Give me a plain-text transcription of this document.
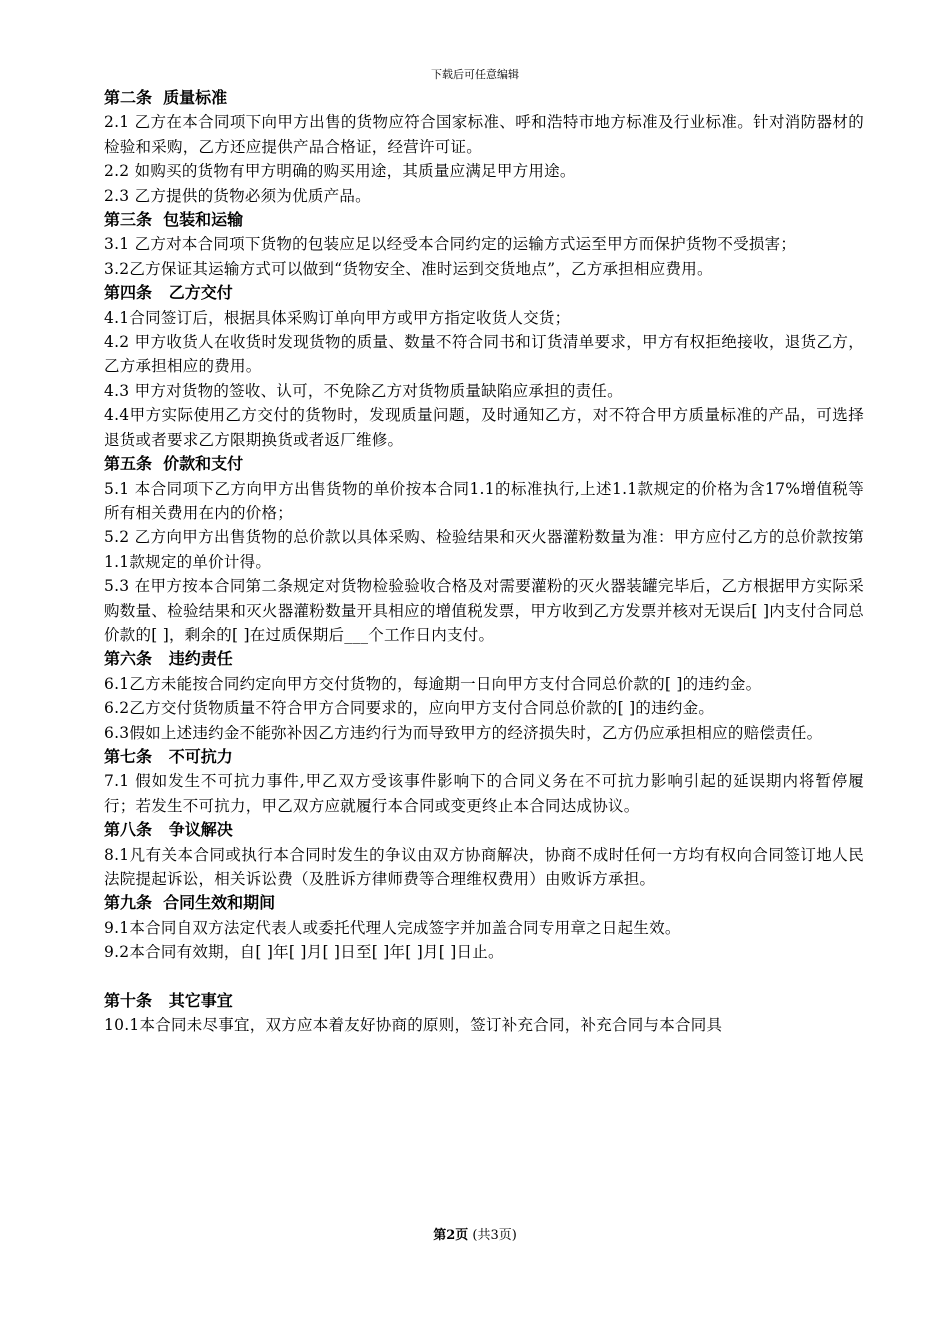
下载后可任意编辑
第二条  质量标准
2.1 乙方在本合同项下向甲方出售的货物应符合国家标准、呼和浩特市地方标准及行业标准。针对消防器材的检验和采购，乙方还应提供产品合格证，经营许可证。
2.2 如购买的货物有甲方明确的购买用途，其质量应满足甲方用途。
2.3 乙方提供的货物必须为优质产品。
第三条  包装和运输
3.1 乙方对本合同项下货物的包装应足以经受本合同约定的运输方式运至甲方而保护货物不受损害；
3.2乙方保证其运输方式可以做到“货物安全、准时运到交货地点”，乙方承担相应费用。
第四条   乙方交付
4.1合同签订后，根据具体采购订单向甲方或甲方指定收货人交货；
4.2 甲方收货人在收货时发现货物的质量、数量不符合同书和订货清单要求，甲方有权拒绝接收，退货乙方，乙方承担相应的费用。
4.3 甲方对货物的签收、认可，不免除乙方对货物质量缺陷应承担的责任。
4.4甲方实际使用乙方交付的货物时，发现质量问题，及时通知乙方，对不符合甲方质量标准的产品，可选择退货或者要求乙方限期换货或者返厂维修。
第五条  价款和支付
5.1 本合同项下乙方向甲方出售货物的单价按本合同1.1的标准执行,上述1.1款规定的价格为含17%增值税等所有相关费用在内的价格；
5.2 乙方向甲方出售货物的总价款以具体采购、检验结果和灭火器灌粉数量为准：甲方应付乙方的总价款按第1.1款规定的单价计得。
5.3 在甲方按本合同第二条规定对货物检验验收合格及对需要灌粉的灭火器装罐完毕后，乙方根据甲方实际采购数量、检验结果和灭火器灌粉数量开具相应的增值税发票，甲方收到乙方发票并核对无误后[ ]内支付合同总价款的[ ]，剩余的[ ]在过质保期后___个工作日内支付。
第六条   违约责任
6.1乙方未能按合同约定向甲方交付货物的，每逾期一日向甲方支付合同总价款的[ ]的违约金。
6.2乙方交付货物质量不符合甲方合同要求的，应向甲方支付合同总价款的[ ]的违约金。
6.3假如上述违约金不能弥补因乙方违约行为而导致甲方的经济损失时，乙方仍应承担相应的赔偿责任。
第七条   不可抗力
7.1 假如发生不可抗力事件,甲乙双方受该事件影响下的合同义务在不可抗力影响引起的延误期内将暂停履行；若发生不可抗力，甲乙双方应就履行本合同或变更终止本合同达成协议。
第八条   争议解决
8.1凡有关本合同或执行本合同时发生的争议由双方协商解决，协商不成时任何一方均有权向合同签订地人民法院提起诉讼，相关诉讼费（及胜诉方律师费等合理维权费用）由败诉方承担。
第九条  合同生效和期间
9.1本合同自双方法定代表人或委托代理人完成签字并加盖合同专用章之日起生效。
9.2本合同有效期，自[ ]年[ ]月[ ]日至[ ]年[ ]月[ ]日止。
第十条   其它事宜
10.1本合同未尽事宜，双方应本着友好协商的原则，签订补充合同，补充合同与本合同具
第2页 (共3页)
